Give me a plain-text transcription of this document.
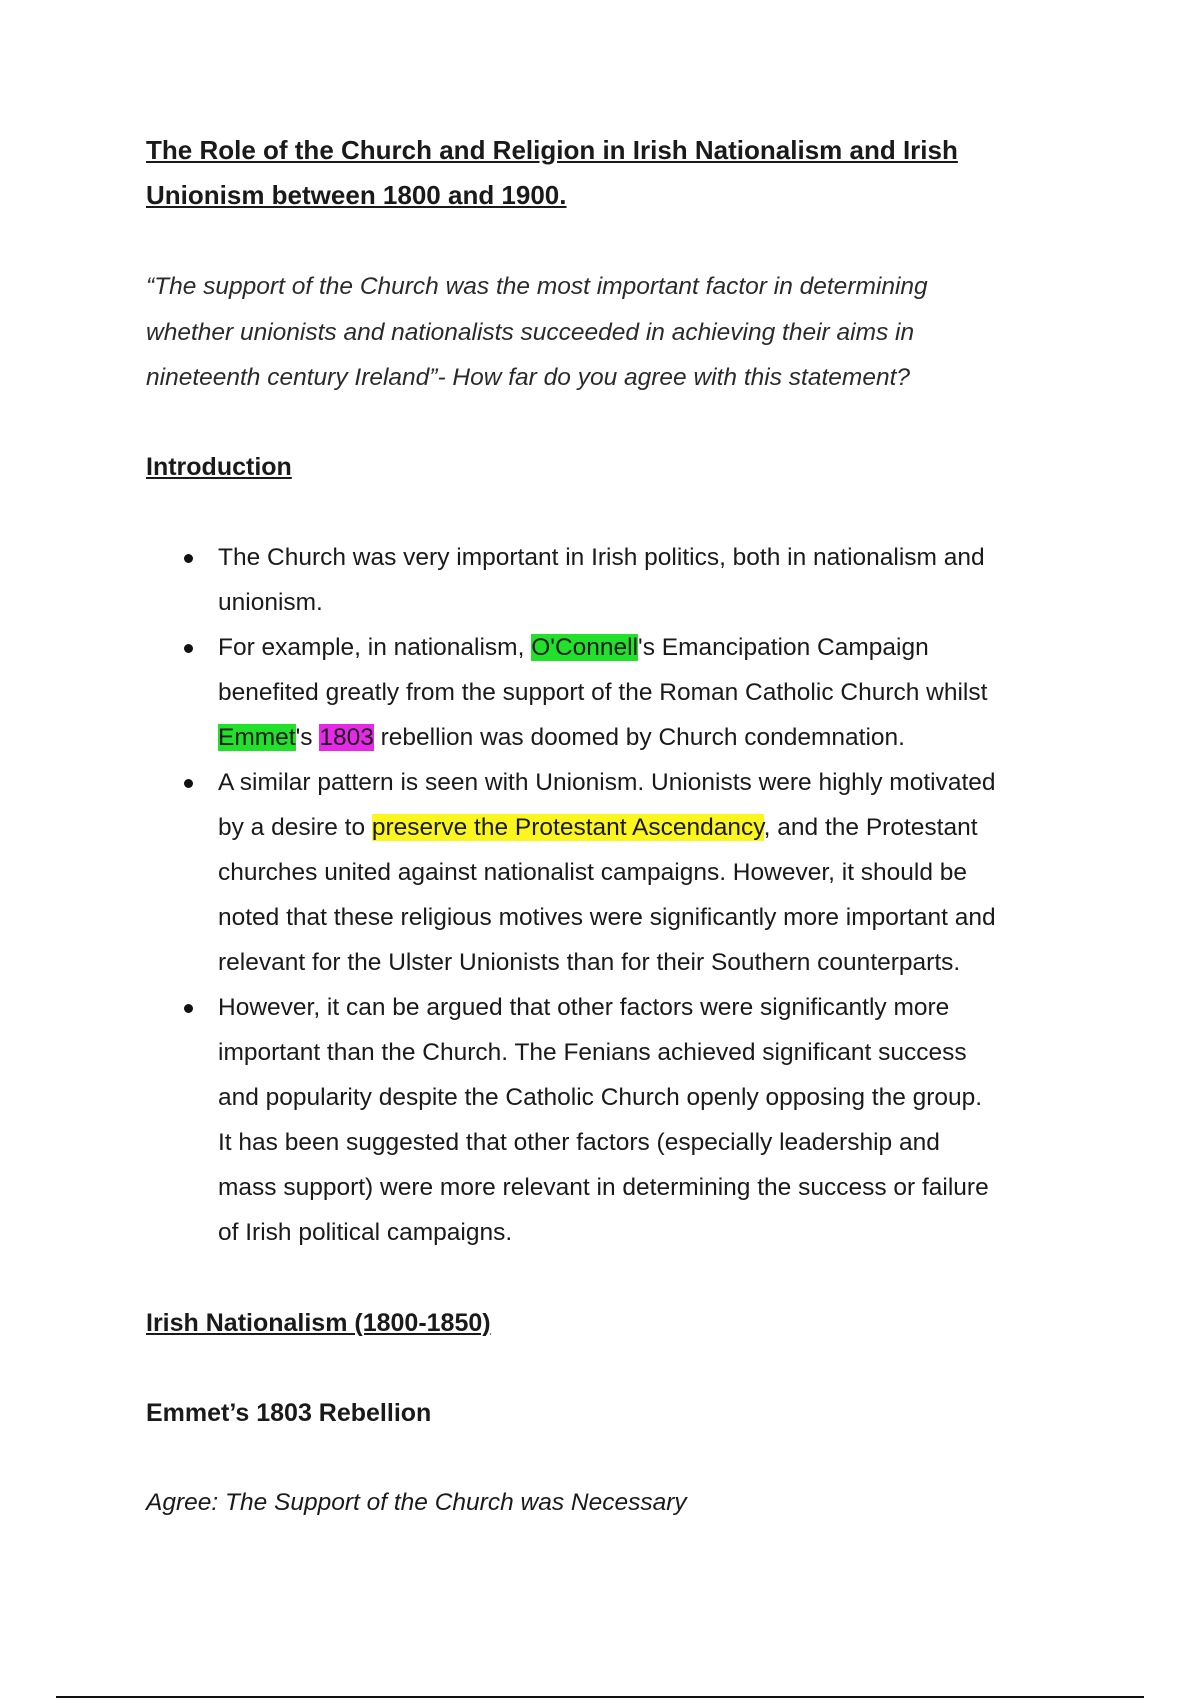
The Role of the Church and Religion in Irish Nationalism and Irish
Unionism between 1800 and 1900.

“The support of the Church was the most important factor in determining
whether unionists and nationalists succeeded in achieving their aims in
nineteenth century Ireland”- How far do you agree with this statement?

Introduction
The Church was very important in Irish politics, both in nationalism and
unionism.
For example, in nationalism, O'Connell's Emancipation Campaign
benefited greatly from the support of the Roman Catholic Church whilst
Emmet's 1803 rebellion was doomed by Church condemnation.
A similar pattern is seen with Unionism. Unionists were highly motivated
by a desire to preserve the Protestant Ascendancy, and the Protestant
churches united against nationalist campaigns. However, it should be
noted that these religious motives were significantly more important and
relevant for the Ulster Unionists than for their Southern counterparts.
However, it can be argued that other factors were significantly more
important than the Church. The Fenians achieved significant success
and popularity despite the Catholic Church openly opposing the group.
It has been suggested that other factors (especially leadership and
mass support) were more relevant in determining the success or failure
of Irish political campaigns.
Irish Nationalism (1800-1850)
Emmet’s 1803 Rebellion

Agree: The Support of the Church was Necessary
